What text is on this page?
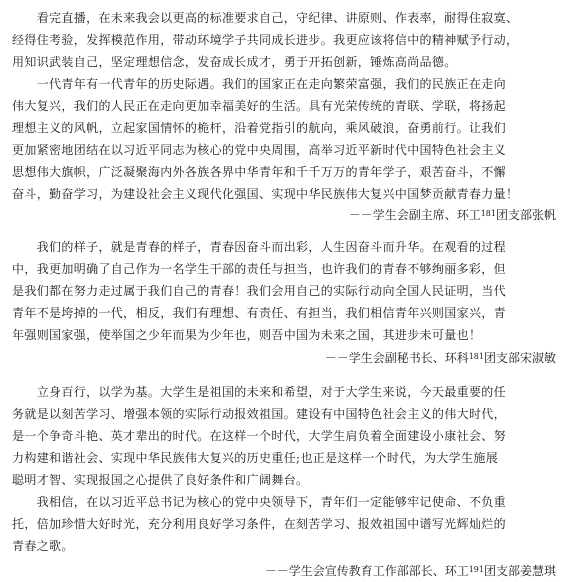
　　看完直播，在未来我会以更高的标准要求自己，守纪律、讲原则、作表率，耐得住寂寞、
经得住考验，发挥模范作用，带动环境学子共同成长进步。我更应该将信中的精神赋予行动，
用知识武装自己，坚定理想信念，发奋成长成才，勇于开拓创新，锤炼高尚品德。
　　一代青年有一代青年的历史际遇。我们的国家正在走向繁荣富强，我们的民族正在走向
伟大复兴，我们的人民正在走向更加幸福美好的生活。具有光荣传统的青联、学联，将扬起
理想主义的风帆，立起家国情怀的桅杆，沿着党指引的航向，乘风破浪，奋勇前行。让我们
更加紧密地团结在以习近平同志为核心的党中央周围，高举习近平新时代中国特色社会主义
思想伟大旗帜，广泛凝聚海内外各族各界中华青年和千千万万的青年学子，艰苦奋斗，不懈
奋斗，勤奋学习，为建设社会主义现代化强国、实现中华民族伟大复兴中国梦贡献青春力量！
－－学生会副主席、环工$^{181}$团支部张帆
　　我们的样子，就是青春的样子，青春因奋斗而出彩，人生因奋斗而升华。在观看的过程
中，我更加明确了自己作为一名学生干部的责任与担当，也许我们的青春不够绚丽多彩，但
是我们都在努力走过属于我们自己的青春！我们会用自己的实际行动向全国人民证明，当代
青年不是垮掉的一代，相反，我们有理想、有责任、有担当，我们相信青年兴则国家兴，青
年强则国家强，使举国之少年而果为少年也，则吾中国为未来之国，其进步未可量也！
－－学生会副秘书长、环科$^{181}$团支部宋淑敏
　　立身百行，以学为基。大学生是祖国的未来和希望，对于大学生来说，今天最重要的任
务就是以刻苦学习、增强本领的实际行动报效祖国。建设有中国特色社会主义的伟大时代，
是一个争奇斗艳、英才辈出的时代。在这样一个时代，大学生肩负着全面建设小康社会、努
力构建和谐社会、实现中华民族伟大复兴的历史重任;也正是这样一个时代，为大学生施展
聪明才智、实现报国之心提供了良好条件和广阔舞台。
　　我相信，在以习近平总书记为核心的党中央领导下，青年们一定能够牢记使命、不负重
托，倍加珍惜大好时光，充分利用良好学习条件，在刻苦学习、报效祖国中谱写光辉灿烂的
青春之歌。
－－学生会宣传教育工作部部长、环工$^{191}$团支部姜慧琪
